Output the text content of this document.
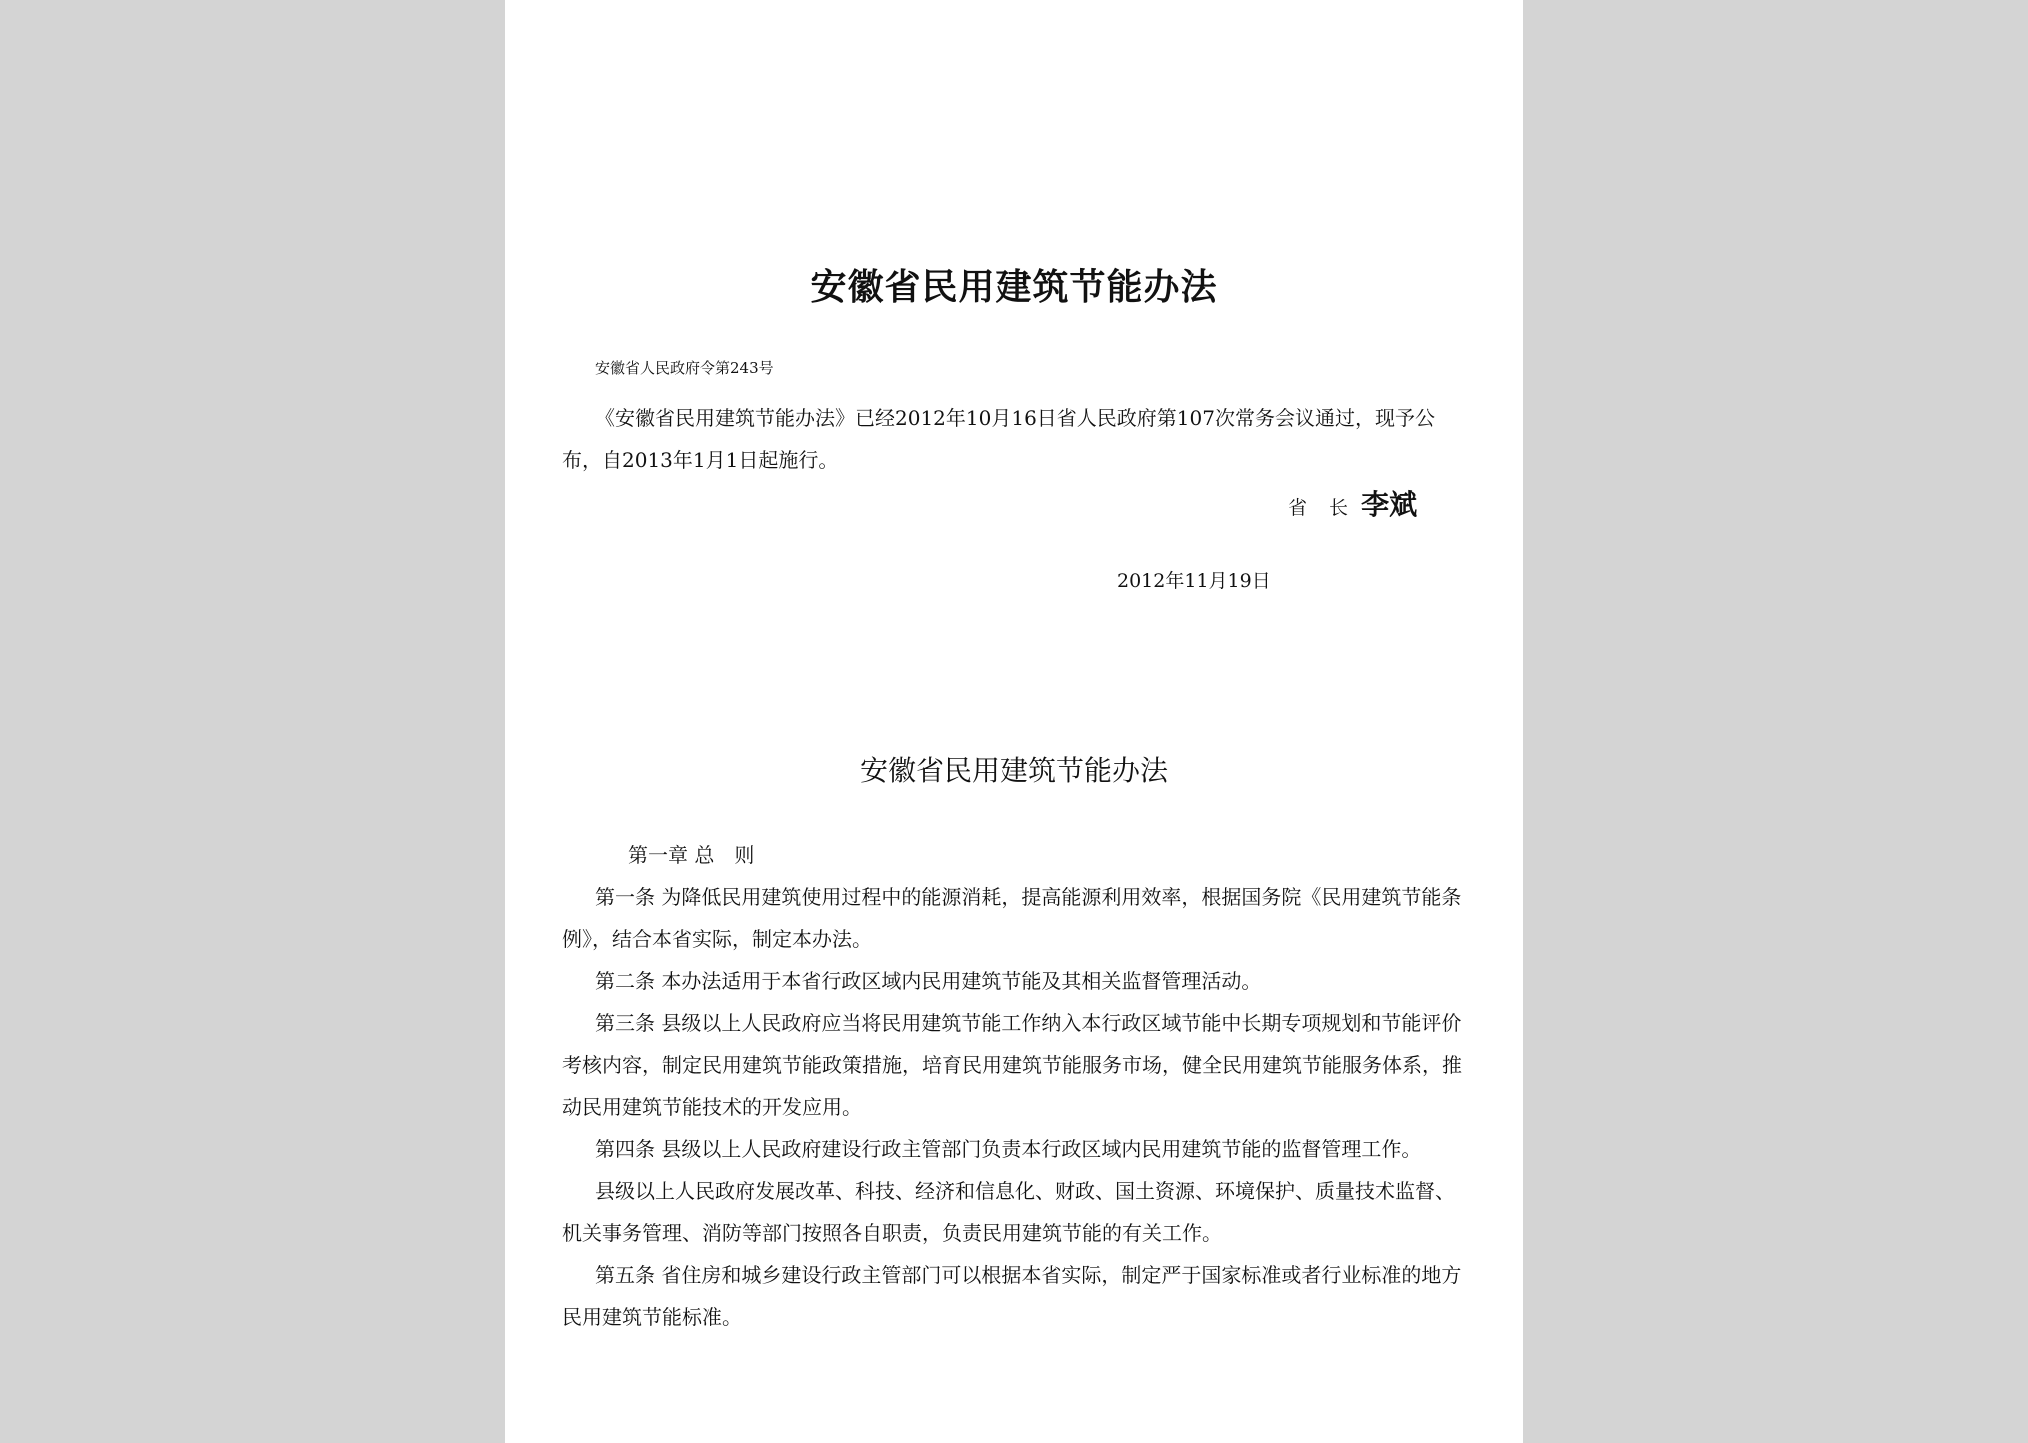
安徽省民用建筑节能办法
安徽省人民政府令第243号
《安徽省民用建筑节能办法》已经2012年10月16日省人民政府第107次常务会议通过，现予公布，自2013年1月1日起施行。
省 长 李斌
2012年11月19日
安徽省民用建筑节能办法

第一章 总　则

第一条 为降低民用建筑使用过程中的能源消耗，提高能源利用效率，根据国务院《民用建筑节能条例》，结合本省实际，制定本办法。

第二条 本办法适用于本省行政区域内民用建筑节能及其相关监督管理活动。

第三条 县级以上人民政府应当将民用建筑节能工作纳入本行政区域节能中长期专项规划和节能评价考核内容，制定民用建筑节能政策措施，培育民用建筑节能服务市场，健全民用建筑节能服务体系，推动民用建筑节能技术的开发应用。

第四条 县级以上人民政府建设行政主管部门负责本行政区域内民用建筑节能的监督管理工作。

县级以上人民政府发展改革、科技、经济和信息化、财政、国土资源、环境保护、质量技术监督、机关事务管理、消防等部门按照各自职责，负责民用建筑节能的有关工作。

第五条 省住房和城乡建设行政主管部门可以根据本省实际，制定严于国家标准或者行业标准的地方民用建筑节能标准。
